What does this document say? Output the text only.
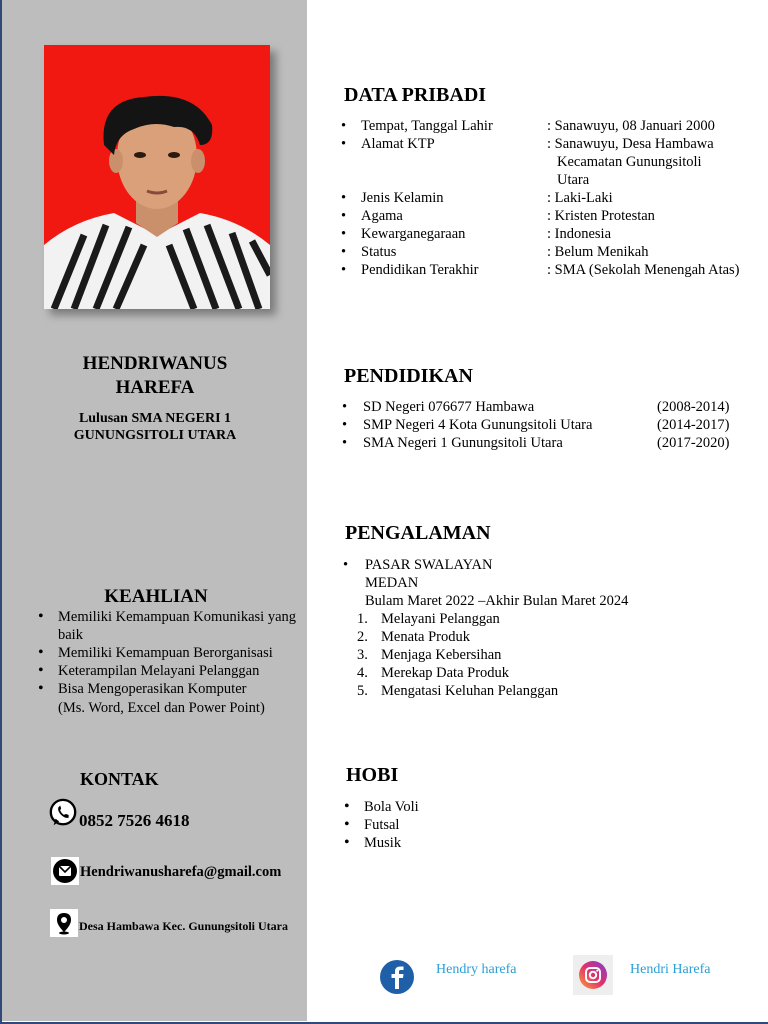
HENDRIWANUS
HAREFA
Lulusan SMA NEGERI 1
GUNUNGSITOLI UTARA
KEAHLIAN
• Memiliki Kemampuan Komunikasi yang baik
• Memiliki Kemampuan Berorganisasi
• Keterampilan Melayani Pelanggan
• Bisa Mengoperasikan Komputer
(Ms. Word, Excel dan Power Point)
KONTAK
0852 7526 4618
Hendriwanusharefa@gmail.com
Desa Hambawa Kec. Gunungsitoli Utara
DATA PRIBADI
• Tempat, Tanggal Lahir	: Sanawuyu, 08 Januari 2000
• Alamat KTP	: Sanawuyu, Desa Hambawa
Kecamatan Gunungsitoli
Utara
• Jenis Kelamin	: Laki-Laki
• Agama	: Kristen Protestan
• Kewarganegaraan	: Indonesia
• Status	: Belum Menikah
• Pendidikan Terakhir	: SMA (Sekolah Menengah Atas)
PENDIDIKAN
• SD Negeri 076677 Hambawa	(2008-2014)
• SMP Negeri 4 Kota Gunungsitoli Utara	(2014-2017)
• SMA Negeri 1 Gunungsitoli Utara	(2017-2020)
PENGALAMAN
• PASAR SWALAYAN
MEDAN
Bulam Maret 2022 –Akhir Bulan Maret 2024
1. Melayani Pelanggan
2. Menata Produk
3. Menjaga Kebersihan
4. Merekap Data Produk
5. Mengatasi Keluhan Pelanggan
HOBI
• Bola Voli
• Futsal
• Musik
Hendry harefa	Hendri Harefa
